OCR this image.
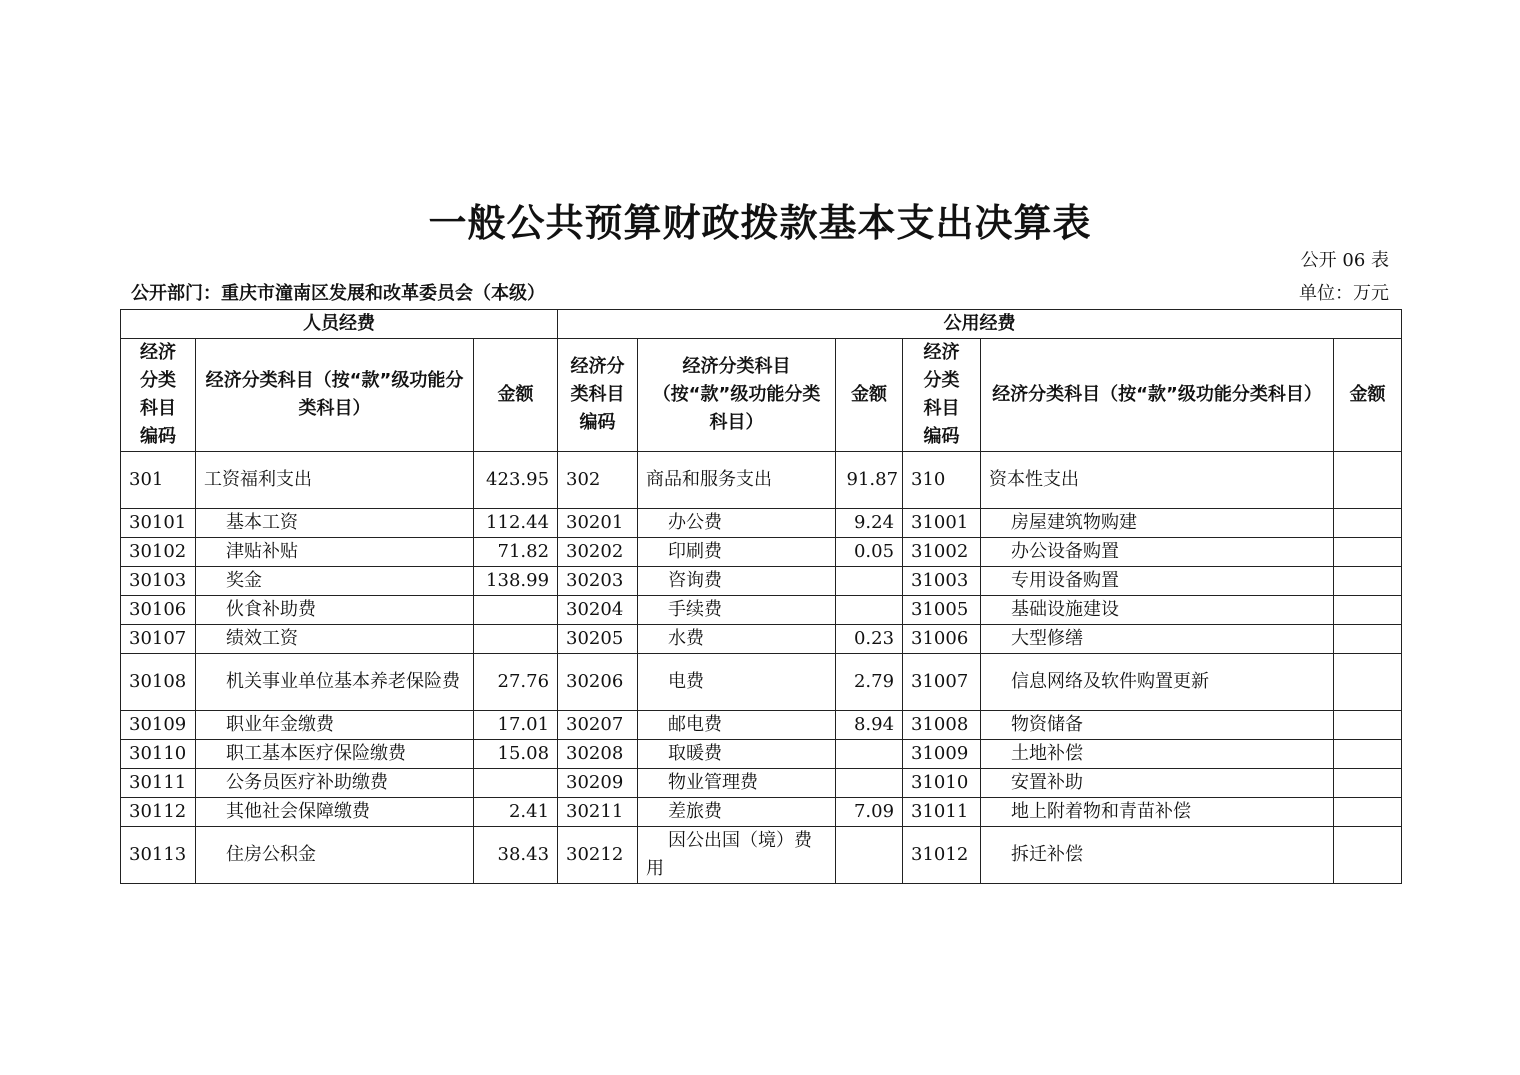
一般公共预算财政拨款基本支出决算表
公开 06 表
公开部门：重庆市潼南区发展和改革委员会（本级）	单位：万元
人员经费			公用经费					
经济分类科目编码	经济分类科目（按“款”级功能分类科目）	金额	经济分类科目编码	经济分类科目（按“款”级功能分类科目）	金额	经济分类科目编码	经济分类科目（按“款”级功能分类科目）	金额
301	工资福利支出	423.95	302	商品和服务支出	91.87	310	资本性支出	
30101	基本工资	112.44	30201	办公费	9.24	31001	房屋建筑物购建	
30102	津贴补贴	71.82	30202	印刷费	0.05	31002	办公设备购置	
30103	奖金	138.99	30203	咨询费		31003	专用设备购置	
30106	伙食补助费		30204	手续费		31005	基础设施建设	
30107	绩效工资		30205	水费	0.23	31006	大型修缮	
30108	机关事业单位基本养老保险费	27.76	30206	电费	2.79	31007	信息网络及软件购置更新	
30109	职业年金缴费	17.01	30207	邮电费	8.94	31008	物资储备	
30110	职工基本医疗保险缴费	15.08	30208	取暖费		31009	土地补偿	
30111	公务员医疗补助缴费		30209	物业管理费		31010	安置补助	
30112	其他社会保障缴费	2.41	30211	差旅费	7.09	31011	地上附着物和青苗补偿	
30113	住房公积金	38.43	30212	因公出国（境）费用		31012	拆迁补偿	
